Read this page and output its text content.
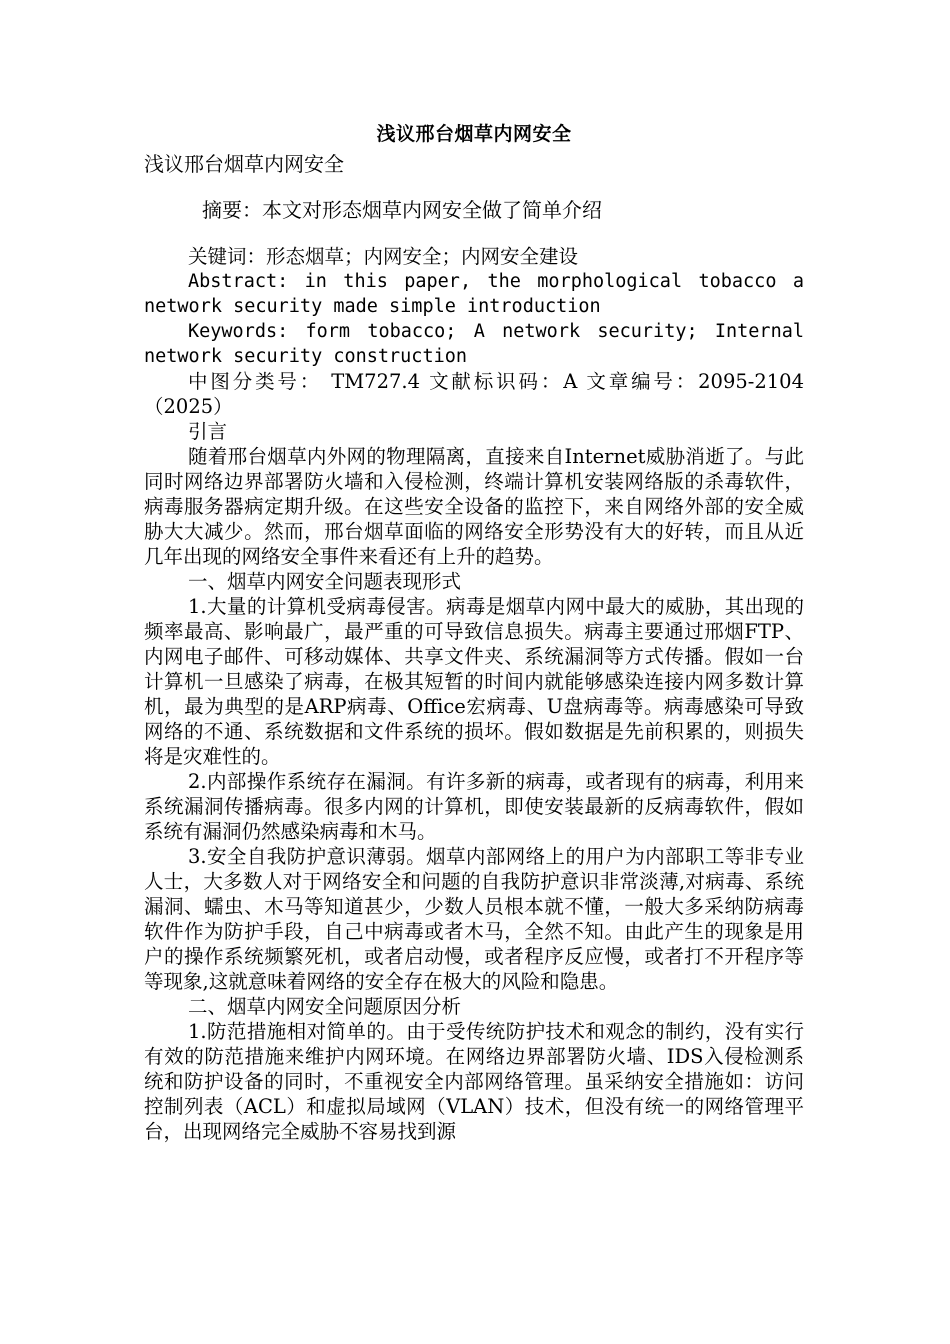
浅议邢台烟草内网安全

浅议邢台烟草内网安全

摘要：本文对形态烟草内网安全做了简单介绍

关键词：形态烟草；内网安全；内网安全建设

Abstract: in this paper, the morphological tobacco a network security made simple introduction

Keywords: form tobacco; A network security; Internal network security construction

中图分类号： TM727.4 文献标识码：A 文章编号：2095-2104（2025）

引言

随着邢台烟草内外网的物理隔离，直接来自Internet威胁消逝了。与此同时网络边界部署防火墙和入侵检测，终端计算机安装网络版的杀毒软件，病毒服务器病定期升级。在这些安全设备的监控下，来自网络外部的安全威胁大大减少。然而，邢台烟草面临的网络安全形势没有大的好转，而且从近几年出现的网络安全事件来看还有上升的趋势。

一、烟草内网安全问题表现形式

1.大量的计算机受病毒侵害。病毒是烟草内网中最大的威胁，其出现的频率最高、影响最广，最严重的可导致信息损失。病毒主要通过邢烟FTP、内网电子邮件、可移动媒体、共享文件夹、系统漏洞等方式传播。假如一台计算机一旦感染了病毒，在极其短暂的时间内就能够感染连接内网多数计算机，最为典型的是ARP病毒、Office宏病毒、U盘病毒等。病毒感染可导致网络的不通、系统数据和文件系统的损坏。假如数据是先前积累的，则损失将是灾难性的。

2.内部操作系统存在漏洞。有许多新的病毒，或者现有的病毒，利用来系统漏洞传播病毒。很多内网的计算机，即使安装最新的反病毒软件，假如系统有漏洞仍然感染病毒和木马。

3.安全自我防护意识薄弱。烟草内部网络上的用户为内部职工等非专业人士，大多数人对于网络安全和问题的自我防护意识非常淡薄,对病毒、系统漏洞、蠕虫、木马等知道甚少，少数人员根本就不懂，一般大多采纳防病毒软件作为防护手段，自己中病毒或者木马，全然不知。由此产生的现象是用户的操作系统频繁死机，或者启动慢，或者程序反应慢，或者打不开程序等等现象,这就意味着网络的安全存在极大的风险和隐患。

二、烟草内网安全问题原因分析

1.防范措施相对简单的。由于受传统防护技术和观念的制约，没有实行有效的防范措施来维护内网环境。在网络边界部署防火墙、IDS入侵检测系统和防护设备的同时，不重视安全内部网络管理。虽采纳安全措施如：访问控制列表（ACL）和虚拟局域网（VLAN）技术，但没有统一的网络管理平台，出现网络完全威胁不容易找到源
